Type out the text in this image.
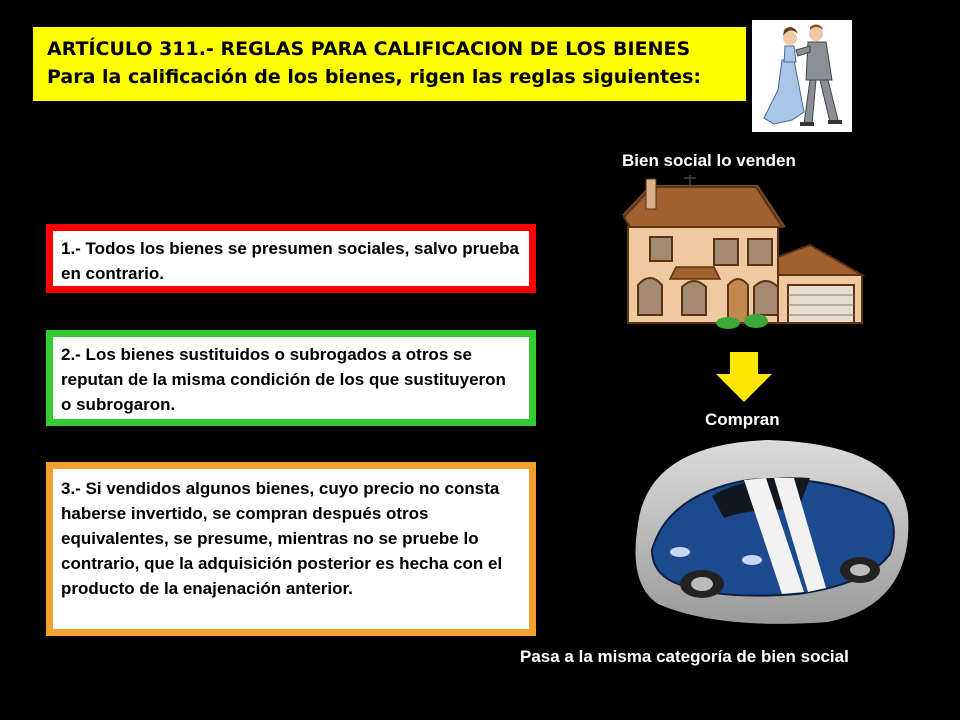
ARTÍCULO 311.- REGLAS PARA CALIFICACION DE LOS BIENES
Para la calificación de los bienes, rigen las reglas siguientes:
Bien social lo venden
Compran
Pasa a la misma categoría de bien social
1.- Todos los bienes se presumen sociales, salvo prueba en contrario.
2.- Los bienes sustituidos o subrogados a otros se reputan de la misma condición de los que sustituyeron o subrogaron.
3.- Si vendidos algunos bienes, cuyo precio no consta haberse invertido, se compran después otros equivalentes, se presume, mientras no se pruebe lo contrario, que la adquisición posterior es hecha con el producto de la enajenación anterior.
